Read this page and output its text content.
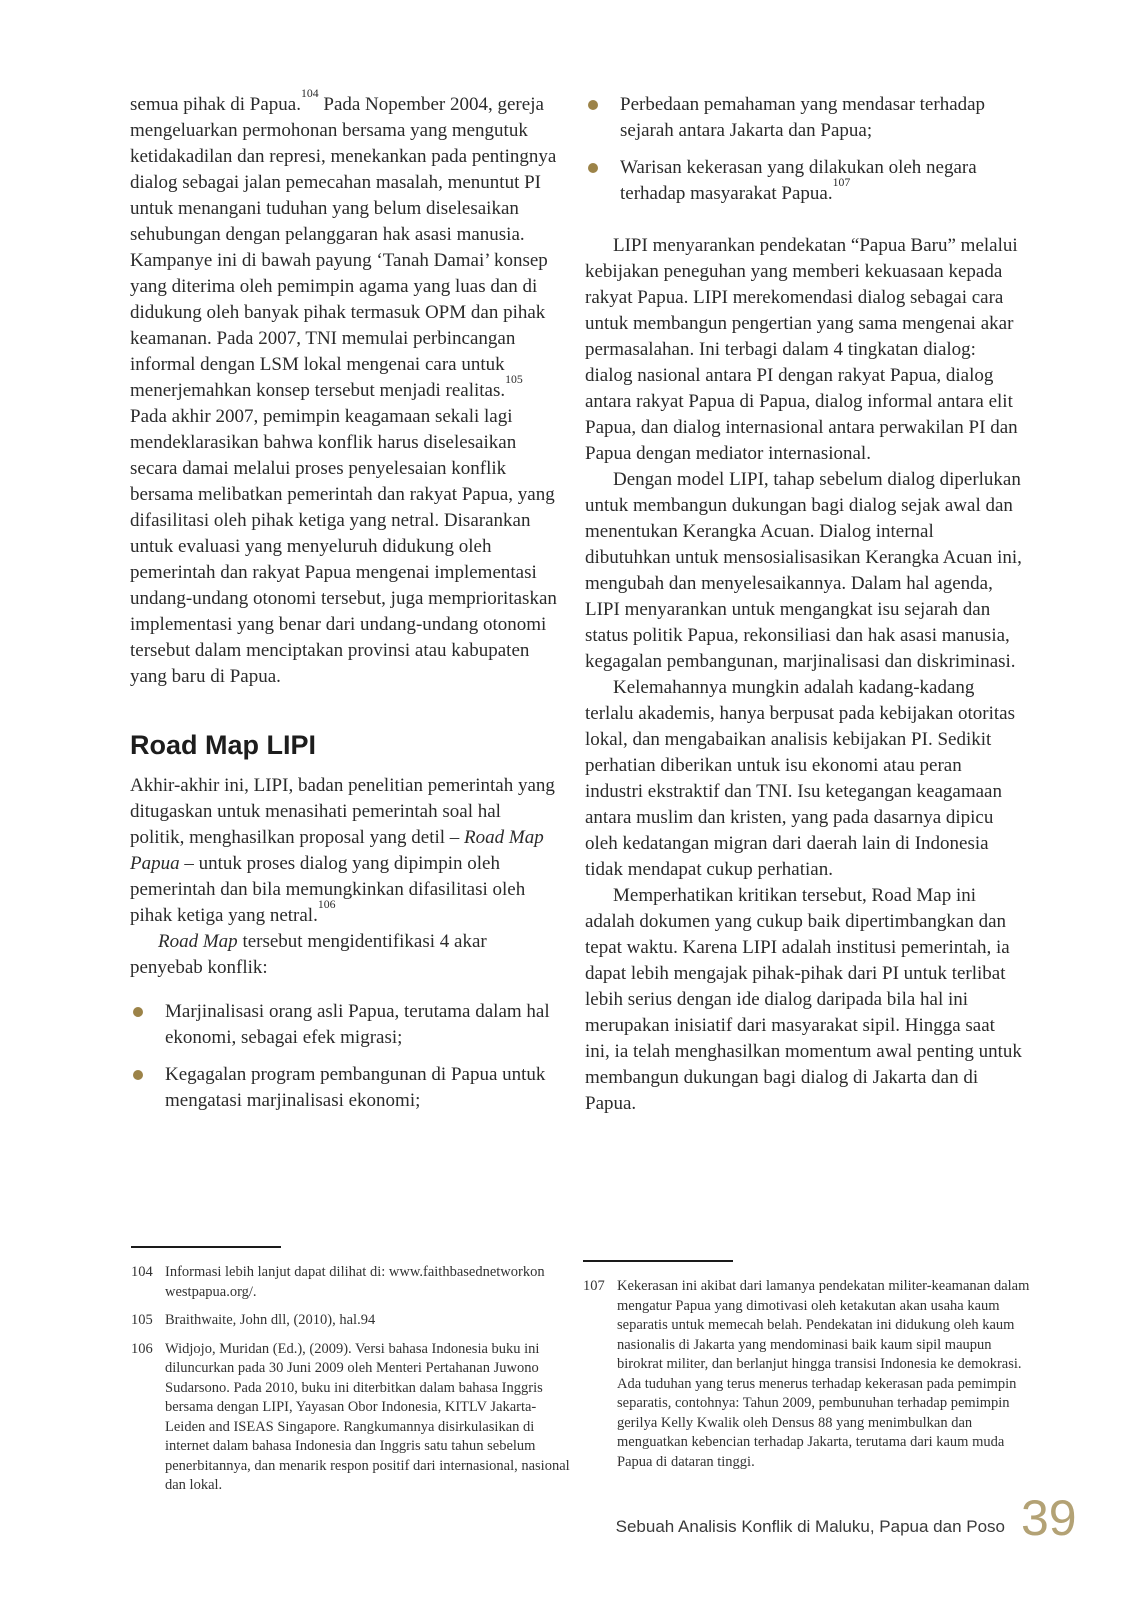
semua pihak di Papua.$^{104}$ Pada Nopember 2004, gereja mengeluarkan permohonan bersama yang mengutuk ketidakadilan dan represi, menekankan pada pentingnya dialog sebagai jalan pemecahan masalah, menuntut PI untuk menangani tuduhan yang belum diselesaikan sehubungan dengan pelanggaran hak asasi manusia. Kampanye ini di bawah payung ‘Tanah Damai’ konsep yang diterima oleh pemimpin agama yang luas dan di didukung oleh banyak pihak termasuk OPM dan pihak keamanan. Pada 2007, TNI memulai perbincangan informal dengan LSM lokal mengenai cara untuk menerjemahkan konsep tersebut menjadi realitas.$^{105}$ Pada akhir 2007, pemimpin keagamaan sekali lagi mendeklarasikan bahwa konflik harus diselesaikan secara damai melalui proses penyelesaian konflik bersama melibatkan pemerintah dan rakyat Papua, yang difasilitasi oleh pihak ketiga yang netral. Disarankan untuk evaluasi yang menyeluruh didukung oleh pemerintah dan rakyat Papua mengenai implementasi undang-undang otonomi tersebut, juga memprioritaskan implementasi yang benar dari undang-undang otonomi tersebut dalam menciptakan provinsi atau kabupaten yang baru di Papua.

Road Map LIPI

Akhir-akhir ini, LIPI, badan penelitian pemerintah yang ditugaskan untuk menasihati pemerintah soal hal politik, menghasilkan proposal yang detil – Road Map Papua – untuk proses dialog yang dipimpin oleh pemerintah dan bila memungkinkan difasilitasi oleh pihak ketiga yang netral.$^{106}$

Road Map tersebut mengidentifikasi 4 akar penyebab konflik:

Marjinalisasi orang asli Papua, terutama dalam hal ekonomi, sebagai efek migrasi;
Kegagalan program pembangunan di Papua untuk mengatasi marjinalisasi ekonomi;
Perbedaan pemahaman yang mendasar terhadap sejarah antara Jakarta dan Papua;
Warisan kekerasan yang dilakukan oleh negara terhadap masyarakat Papua.$^{107}$

LIPI menyarankan pendekatan “Papua Baru” melalui kebijakan peneguhan yang memberi kekuasaan kepada rakyat Papua. LIPI merekomendasi dialog sebagai cara untuk membangun pengertian yang sama mengenai akar permasalahan. Ini terbagi dalam 4 tingkatan dialog: dialog nasional antara PI dengan rakyat Papua, dialog antara rakyat Papua di Papua, dialog informal antara elit Papua, dan dialog internasional antara perwakilan PI dan Papua dengan mediator internasional.

Dengan model LIPI, tahap sebelum dialog diperlukan untuk membangun dukungan bagi dialog sejak awal dan menentukan Kerangka Acuan. Dialog internal dibutuhkan untuk mensosialisasikan Kerangka Acuan ini, mengubah dan menyelesaikannya. Dalam hal agenda, LIPI menyarankan untuk mengangkat isu sejarah dan status politik Papua, rekonsiliasi dan hak asasi manusia, kegagalan pembangunan, marjinalisasi dan diskriminasi.

Kelemahannya mungkin adalah kadang-kadang terlalu akademis, hanya berpusat pada kebijakan otoritas lokal, dan mengabaikan analisis kebijakan PI. Sedikit perhatian diberikan untuk isu ekonomi atau peran industri ekstraktif dan TNI. Isu ketegangan keagamaan antara muslim dan kristen, yang pada dasarnya dipicu oleh kedatangan migran dari daerah lain di Indonesia tidak mendapat cukup perhatian.

Memperhatikan kritikan tersebut, Road Map ini adalah dokumen yang cukup baik dipertimbangkan dan tepat waktu. Karena LIPI adalah institusi pemerintah, ia dapat lebih mengajak pihak-pihak dari PI untuk terlibat lebih serius dengan ide dialog daripada bila hal ini merupakan inisiatif dari masyarakat sipil. Hingga saat ini, ia telah menghasilkan momentum awal penting untuk membangun dukungan bagi dialog di Jakarta dan di Papua.

104 Informasi lebih lanjut dapat dilihat di: www.faithbasednetworkon westpapua.org/.
105 Braithwaite, John dll, (2010), hal.94
106 Widjojo, Muridan (Ed.), (2009). Versi bahasa Indonesia buku ini diluncurkan pada 30 Juni 2009 oleh Menteri Pertahanan Juwono Sudarsono. Pada 2010, buku ini diterbitkan dalam bahasa Inggris bersama dengan LIPI, Yayasan Obor Indonesia, KITLV Jakarta-Leiden and ISEAS Singapore. Rangkumannya disirkulasikan di internet dalam bahasa Indonesia dan Inggris satu tahun sebelum penerbitannya, dan menarik respon positif dari internasional, nasional dan lokal.
107 Kekerasan ini akibat dari lamanya pendekatan militer-keamanan dalam mengatur Papua yang dimotivasi oleh ketakutan akan usaha kaum separatis untuk memecah belah. Pendekatan ini didukung oleh kaum nasionalis di Jakarta yang mendominasi baik kaum sipil maupun birokrat militer, dan berlanjut hingga transisi Indonesia ke demokrasi. Ada tuduhan yang terus menerus terhadap kekerasan pada pemimpin separatis, contohnya: Tahun 2009, pembunuhan terhadap pemimpin gerilya Kelly Kwalik oleh Densus 88 yang menimbulkan dan menguatkan kebencian terhadap Jakarta, terutama dari kaum muda Papua di dataran tinggi.
Sebuah Analisis Konflik di Maluku, Papua dan Poso 39
